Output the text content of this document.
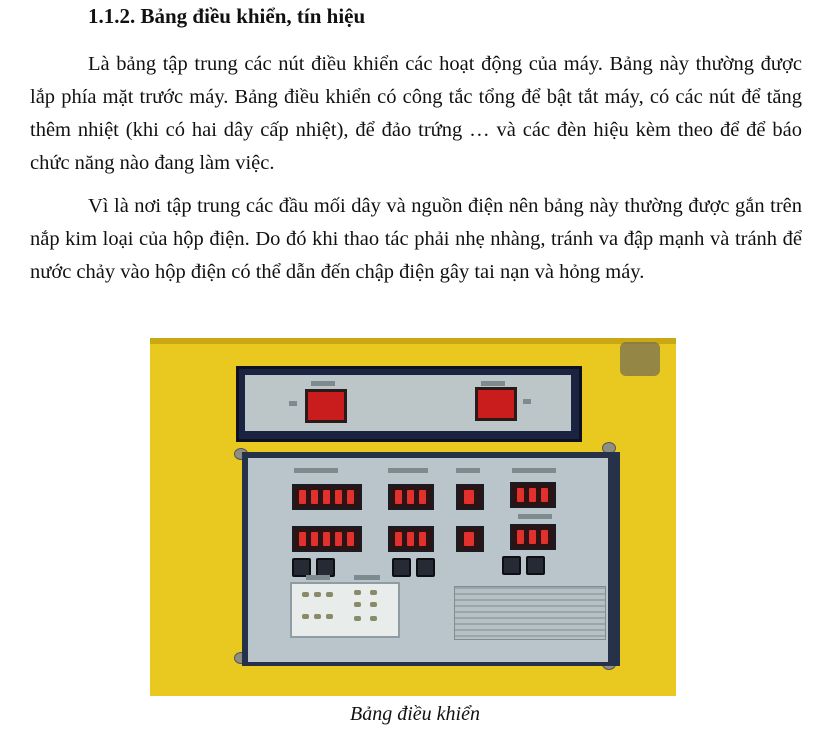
1.1.2. Bảng điều khiển, tín hiệu

Là bảng tập trung các nút điều khiển các hoạt động của máy. Bảng này thường được lắp phía mặt trước máy. Bảng điều khiển có công tắc tổng để bật tắt máy, có các nút để tăng thêm nhiệt (khi có hai dây cấp nhiệt), để đảo trứng … và các đèn hiệu kèm theo để để báo chức năng nào đang làm việc.

Vì là nơi tập trung các đầu mối dây và nguồn điện nên bảng này thường được gắn trên nắp kim loại của hộp điện. Do đó khi thao tác phải nhẹ nhàng, tránh va đập mạnh và tránh để nước chảy vào hộp điện có thể dẫn đến chập điện gây tai nạn và hỏng máy.

Bảng điều khiển
